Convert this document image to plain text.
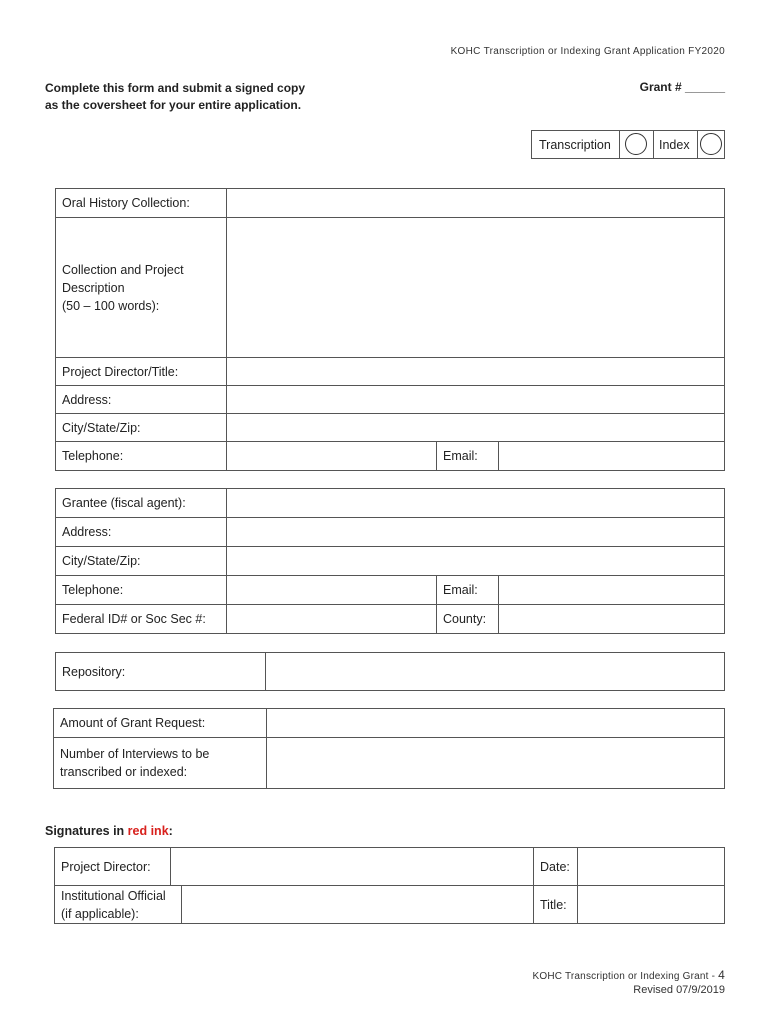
KOHC Transcription or Indexing Grant Application FY2020
Complete this form and submit a signed copy
as the coversheet for your entire application.
Grant # ______
Transcription	Index
Oral History Collection:			

Collection and Project
Description
(50 – 100 words):			

Project Director/Title:			
Address:			
City/State/Zip:			
Telephone:		Email:	
Grantee (fiscal agent):			
Address:			
City/State/Zip:			
Telephone:		Email:	
Federal ID# or Soc Sec #:		County:	
Repository:	
Amount of Grant Request:	

Number of Interviews to be
transcribed or indexed:	

Signatures in red ink:
Project Director:			Date:	

Institutional Official
(if applicable):			Title:	
KOHC Transcription or Indexing Grant - 4
Revised 07/9/2019
